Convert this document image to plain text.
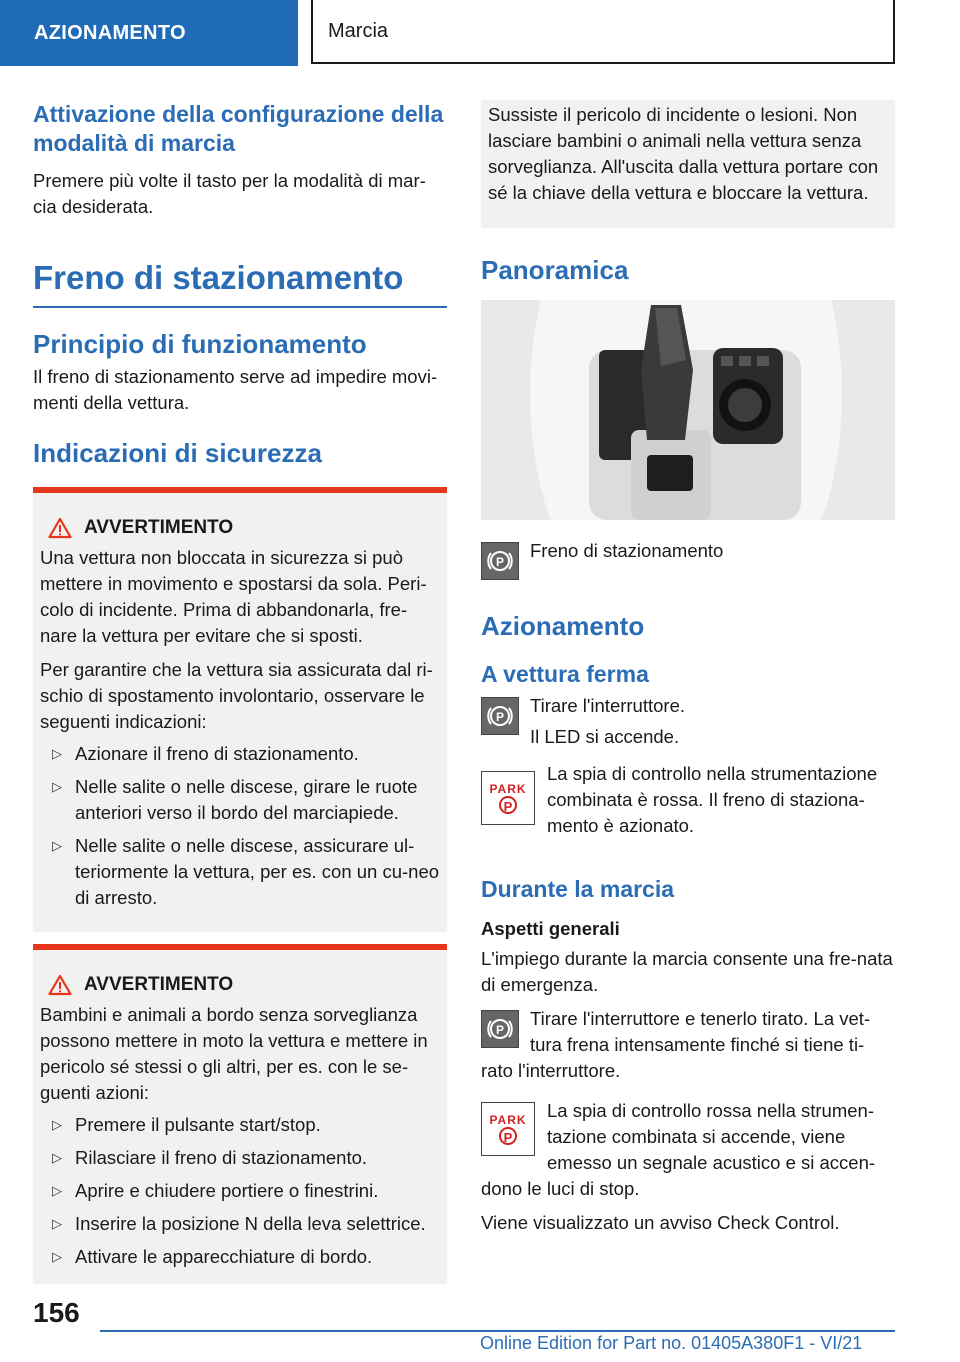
AZIONAMENTO	Marcia
Attivazione della configurazione della modalità di marcia

Premere più volte il tasto per la modalità di mar-cia desiderata.

Freno di stazionamento
Principio di funzionamento

Il freno di stazionamento serve ad impedire movi-menti della vettura.

Indicazioni di sicurezza
AVVERTIMENTO

Una vettura non bloccata in sicurezza si può mettere in movimento e spostarsi da sola. Peri-colo di incidente. Prima di abbandonarla, fre-nare la vettura per evitare che si sposti.

Per garantire che la vettura sia assicurata dal ri-schio di spostamento involontario, osservare le seguenti indicazioni:

▷ Azionare il freno di stazionamento.
▷ Nelle salite o nelle discese, girare le ruote anteriori verso il bordo del marciapiede.
▷ Nelle salite o nelle discese, assicurare ul-teriormente la vettura, per es. con un cu-neo di arresto.
AVVERTIMENTO

Bambini e animali a bordo senza sorveglianza possono mettere in moto la vettura e mettere in pericolo sé stessi o gli altri, per es. con le se-guenti azioni:

▷ Premere il pulsante start/stop.
▷ Rilasciare il freno di stazionamento.
▷ Aprire e chiudere portiere o finestrini.
▷ Inserire la posizione N della leva selettrice.
▷ Attivare le apparecchiature di bordo.

Sussiste il pericolo di incidente o lesioni. Non lasciare bambini o animali nella vettura senza sorveglianza. All'uscita dalla vettura portare con sé la chiave della vettura e bloccare la vettura.

Panoramica
P

Freno di stazionamento

Azionamento
A vettura ferma
P

Tirare l'interruttore.

Il LED si accende.

PARK
P

La spia di controllo nella strumentazione combinata è rossa. Il freno di staziona-mento è azionato.

Durante la marcia

Aspetti generali

L'impiego durante la marcia consente una fre-nata di emergenza.

P

Tirare l'interruttore e tenerlo tirato. La vet-tura frena intensamente finché si tiene ti-rato l'interruttore.

PARK
P

La spia di controllo rossa nella strumen-tazione combinata si accende, viene emesso un segnale acustico e si accen-dono le luci di stop.

Viene visualizzato un avviso Check Control.

156
Online Edition for Part no. 01405A380F1 - VI/21
